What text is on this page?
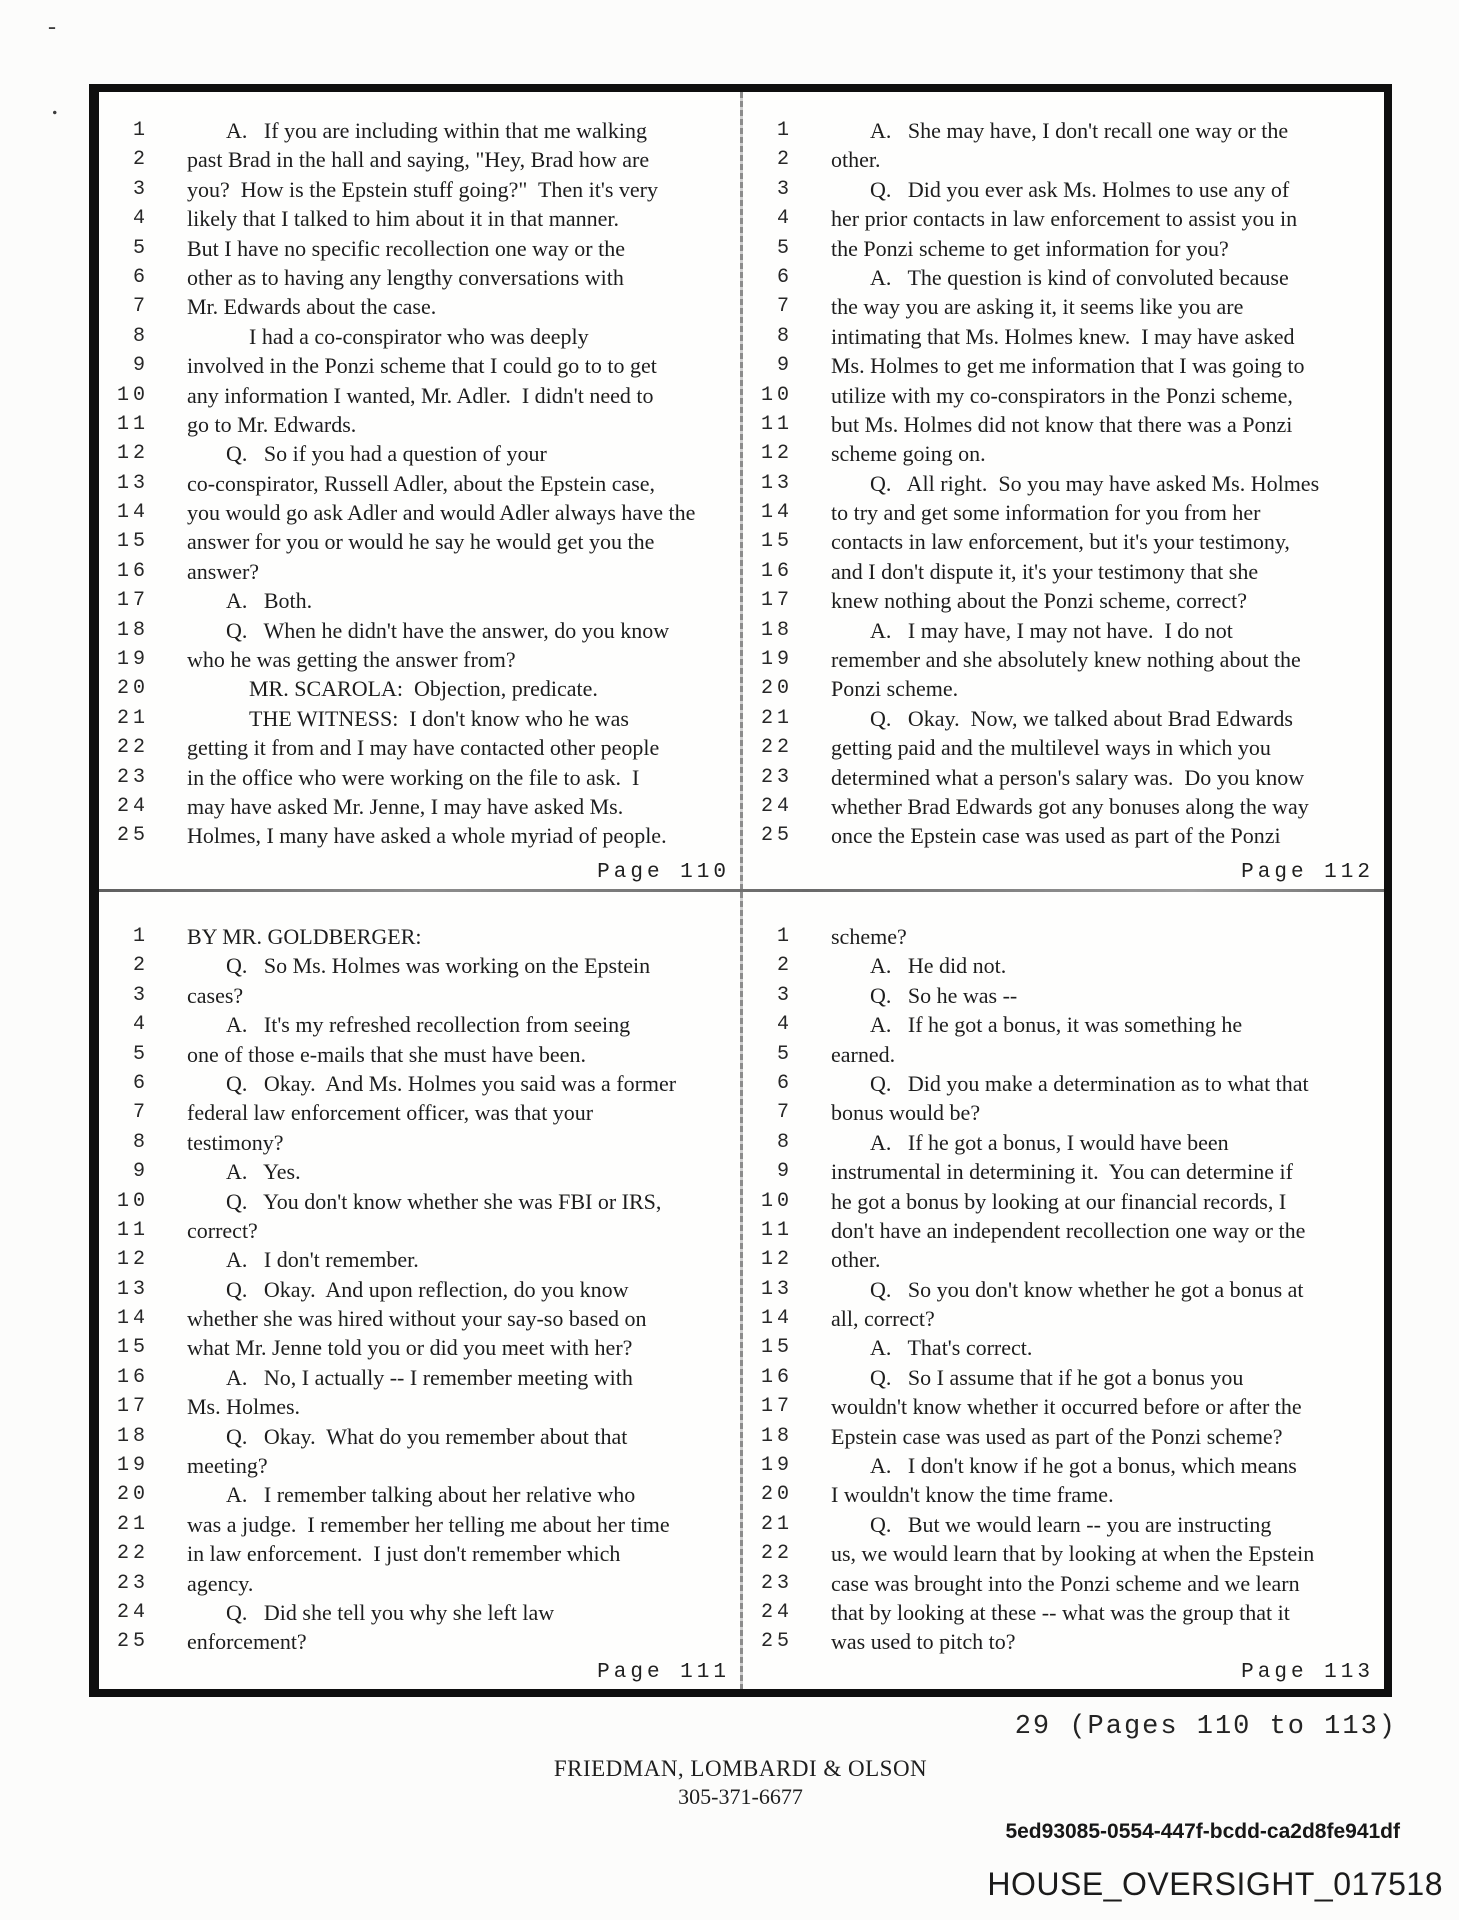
-
.
1	A.   If you are including within that me walking
2 past Brad in the hall and saying, "Hey, Brad how are
3 you?  How is the Epstein stuff going?"  Then it's very
4 likely that I talked to him about it in that manner.
5 But I have no specific recollection one way or the
6 other as to having any lengthy conversations with
7 Mr. Edwards about the case.
8	I had a co-conspirator who was deeply
9 involved in the Ponzi scheme that I could go to to get
10 any information I wanted, Mr. Adler.  I didn't need to
11 go to Mr. Edwards.
12	Q.   So if you had a question of your
13 co-conspirator, Russell Adler, about the Epstein case,
14 you would go ask Adler and would Adler always have the
15 answer for you or would he say he would get you the
16 answer?
17	A.   Both.
18	Q.   When he didn't have the answer, do you know
19 who he was getting the answer from?
20	MR. SCAROLA:  Objection, predicate.
21	THE WITNESS:  I don't know who he was
22 getting it from and I may have contacted other people
23 in the office who were working on the file to ask.  I
24 may have asked Mr. Jenne, I may have asked Ms.
25 Holmes, I many have asked a whole myriad of people.
Page 110
1	A.   She may have, I don't recall one way or the
2 other.
3	Q.   Did you ever ask Ms. Holmes to use any of
4 her prior contacts in law enforcement to assist you in
5 the Ponzi scheme to get information for you?
6	A.   The question is kind of convoluted because
7 the way you are asking it, it seems like you are
8 intimating that Ms. Holmes knew.  I may have asked
9 Ms. Holmes to get me information that I was going to
10 utilize with my co-conspirators in the Ponzi scheme,
11 but Ms. Holmes did not know that there was a Ponzi
12 scheme going on.
13	Q.   All right.  So you may have asked Ms. Holmes
14 to try and get some information for you from her
15 contacts in law enforcement, but it's your testimony,
16 and I don't dispute it, it's your testimony that she
17 knew nothing about the Ponzi scheme, correct?
18	A.   I may have, I may not have.  I do not
19 remember and she absolutely knew nothing about the
20 Ponzi scheme.
21	Q.   Okay.  Now, we talked about Brad Edwards
22 getting paid and the multilevel ways in which you
23 determined what a person's salary was.  Do you know
24 whether Brad Edwards got any bonuses along the way
25 once the Epstein case was used as part of the Ponzi
Page 112
1 BY MR. GOLDBERGER:
2	Q.   So Ms. Holmes was working on the Epstein
3 cases?
4	A.   It's my refreshed recollection from seeing
5 one of those e-mails that she must have been.
6	Q.   Okay.  And Ms. Holmes you said was a former
7 federal law enforcement officer, was that your
8 testimony?
9	A.   Yes.
10	Q.   You don't know whether she was FBI or IRS,
11 correct?
12	A.   I don't remember.
13	Q.   Okay.  And upon reflection, do you know
14 whether she was hired without your say-so based on
15 what Mr. Jenne told you or did you meet with her?
16	A.   No, I actually -- I remember meeting with
17 Ms. Holmes.
18	Q.   Okay.  What do you remember about that
19 meeting?
20	A.   I remember talking about her relative who
21 was a judge.  I remember her telling me about her time
22 in law enforcement.  I just don't remember which
23 agency.
24	Q.   Did she tell you why she left law
25 enforcement?
Page 111
1 scheme?
2	A.   He did not.
3	Q.   So he was --
4	A.   If he got a bonus, it was something he
5 earned.
6	Q.   Did you make a determination as to what that
7 bonus would be?
8	A.   If he got a bonus, I would have been
9 instrumental in determining it.  You can determine if
10 he got a bonus by looking at our financial records, I
11 don't have an independent recollection one way or the
12 other.
13	Q.   So you don't know whether he got a bonus at
14 all, correct?
15	A.   That's correct.
16	Q.   So I assume that if he got a bonus you
17 wouldn't know whether it occurred before or after the
18 Epstein case was used as part of the Ponzi scheme?
19	A.   I don't know if he got a bonus, which means
20 I wouldn't know the time frame.
21	Q.   But we would learn -- you are instructing
22 us, we would learn that by looking at when the Epstein
23 case was brought into the Ponzi scheme and we learn
24 that by looking at these -- what was the group that it
25 was used to pitch to?
Page 113
29 (Pages 110 to 113)
FRIEDMAN, LOMBARDI & OLSON
305-371-6677
5ed93085-0554-447f-bcdd-ca2d8fe941df
HOUSE_OVERSIGHT_017518
